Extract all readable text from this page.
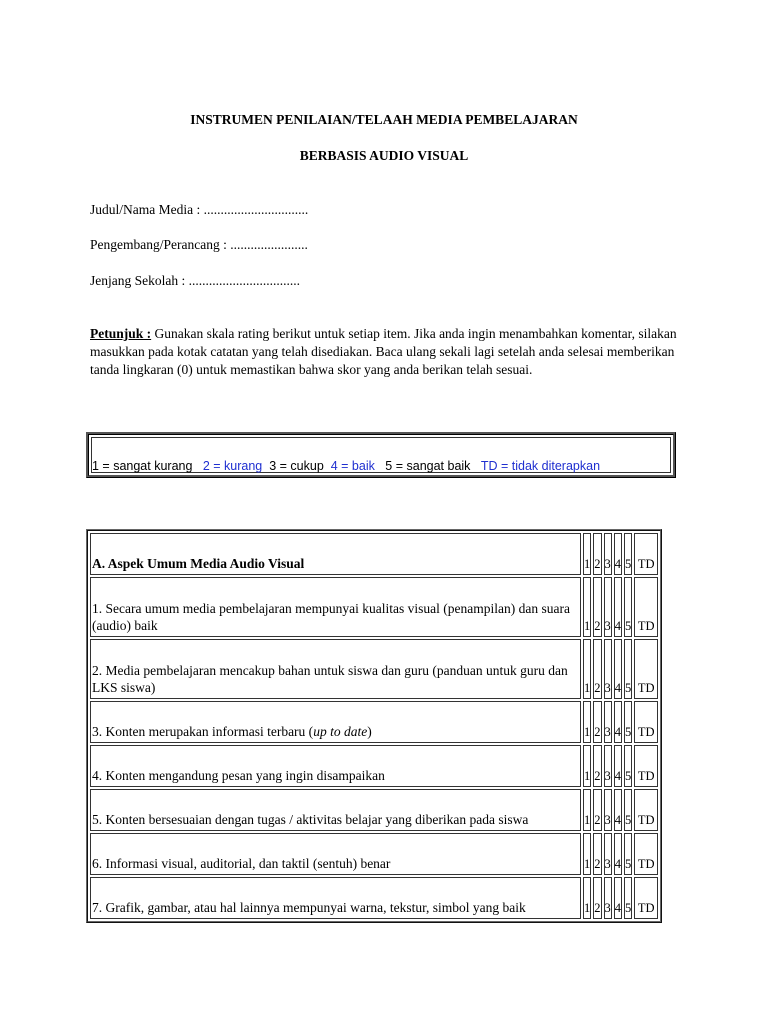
INSTRUMEN PENILAIAN/TELAAH MEDIA PEMBELAJARAN
BERBASIS AUDIO VISUAL
Judul/Nama Media : ...............................
Pengembang/Perancang : .......................
Jenjang Sekolah : .................................
Petunjuk : Gunakan skala rating berikut untuk setiap item. Jika anda ingin menambahkan komentar, silakan masukkan pada kotak catatan yang telah disediakan. Baca ulang sekali lagi setelah anda selesai memberikan tanda lingkaran (0) untuk memastikan bahwa skor yang anda berikan telah sesuai.
1 = sangat kurang 2 = kurang 3 = cukup 4 = baik 5 = sangat baik TD = tidak diterapkan
A. Aspek Umum Media Audio Visual	1	2	3	4	5	TD
1. Secara umum media pembelajaran mempunyai kualitas visual (penampilan) dan suara (audio) baik	1	2	3	4	5	TD
2. Media pembelajaran mencakup bahan untuk siswa dan guru (panduan untuk guru dan LKS siswa)	1	2	3	4	5	TD
3. Konten merupakan informasi terbaru (up to date)	1	2	3	4	5	TD
4. Konten mengandung pesan yang ingin disampaikan	1	2	3	4	5	TD
5. Konten bersesuaian dengan tugas / aktivitas belajar yang diberikan pada siswa	1	2	3	4	5	TD
6. Informasi visual, auditorial, dan taktil (sentuh) benar	1	2	3	4	5	TD
7. Grafik, gambar, atau hal lainnya mempunyai warna, tekstur, simbol yang baik	1	2	3	4	5	TD
